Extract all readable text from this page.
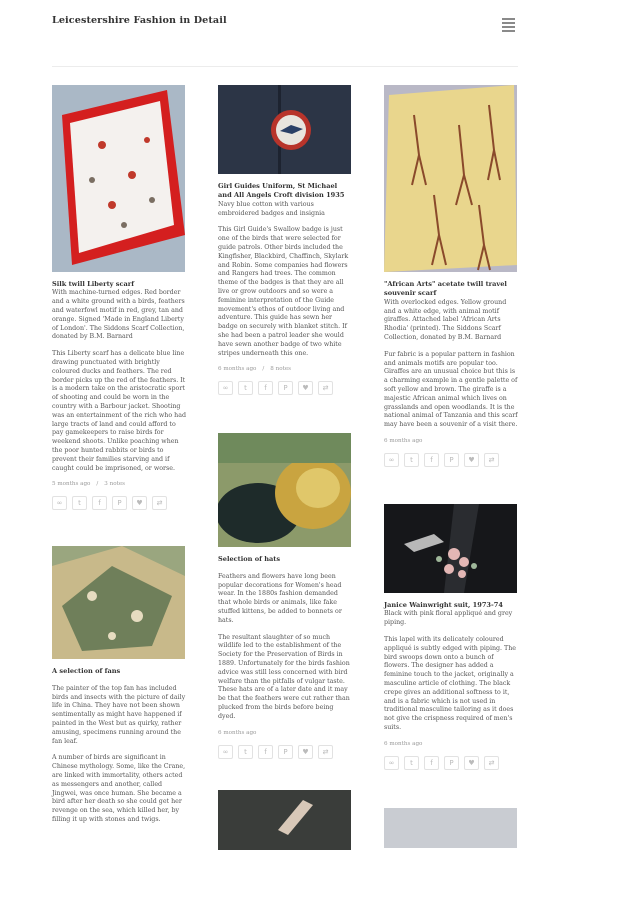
Leicestershire Fashion in Detail
Silk twill Liberty scarf

With machine-turned edges. Red border and a white ground with a birds, feathers and waterfowl motif in red, grey, tan and orange. Signed 'Made in England Liberty of London'. The Siddons Scarf Collection, donated by B.M. Barnard

This Liberty scarf has a delicate blue line drawing punctuated with brightly coloured ducks and feathers. The red border picks up the red of the feathers. It is a modern take on the aristocratic sport of shooting and could be worn in the country with a Barbour jacket. Shooting was an entertainment of the rich who had large tracts of land and could afford to pay gamekeepers to raise birds for weekend shoots. Unlike poaching when the poor hunted rabbits or birds to prevent their families starving and if caught could be imprisoned, or worse.

5 months ago / 3 notes
∞	t	f	P	♥	⇄
A selection of fans

The painter of the top fan has included birds and insects with the picture of daily life in China. They have not been shown sentimentally as might have happened if painted in the West but as quirky, rather amusing, specimens running around the fan leaf.

A number of birds are significant in Chinese mythology. Some, like the Crane, are linked with immortality, others acted as messengers and another, called Jingwei, was once human. She became a bird after her death so she could get her revenge on the sea, which killed her, by filling it up with stones and twigs.

Girl Guides Uniform, St Michael and All Angels Croft division 1935

Navy blue cotton with various embroidered badges and insignia

This Girl Guide's Swallow badge is just one of the birds that were selected for guide patrols. Other birds included the Kingfisher, Blackbird, Chaffinch, Skylark and Robin. Some companies had flowers and Rangers had trees. The common theme of the badges is that they are all live or grow outdoors and so were a feminine interpretation of the Guide movement's ethos of outdoor living and adventure. This guide has sewn her badge on securely with blanket stitch. If she had been a patrol leader she would have sewn another badge of two white stripes underneath this one.

6 months ago / 8 notes
∞	t	f	P	♥	⇄
Selection of hats

Feathers and flowers have long been popular decorations for Women's head wear. In the 1880s fashion demanded that whole birds or animals, like fake stuffed kittens, be added to bonnets or hats.

The resultant slaughter of so much wildlife led to the establishment of the Society for the Preservation of Birds in 1889. Unfortunately for the birds fashion advice was still less concerned with bird welfare than the pitfalls of vulgar taste. These hats are of a later date and it may be that the feathers were cut rather than plucked from the birds before being dyed.

6 months ago
∞	t	f	P	♥	⇄
"African Arts" acetate twill travel souvenir scarf

With overlocked edges. Yellow ground and a white edge, with animal motif giraffes. Attached label 'African Arts Rhodia' (printed). The Siddons Scarf Collection, donated by B.M. Barnard

Fur fabric is a popular pattern in fashion and animals motifs are popular too. Giraffes are an unusual choice but this is a charming example in a gentle palette of soft yellow and brown. The giraffe is a majestic African animal which lives on grasslands and open woodlands. It is the national animal of Tanzania and this scarf may have been a souvenir of a visit there.

6 months ago
∞	t	f	P	♥	⇄
Janice Wainwright suit, 1973-74

Black with pink floral appliqué and grey piping.

This lapel with its delicately coloured appliqué is subtly edged with piping. The bird swoops down onto a bunch of flowers. The designer has added a feminine touch to the jacket, originally a masculine article of clothing. The black crepe gives an additional softness to it, and is a fabric which is not used in traditional masculine tailoring as it does not give the crispness required of men's suits.

6 months ago
∞	t	f	P	♥	⇄
